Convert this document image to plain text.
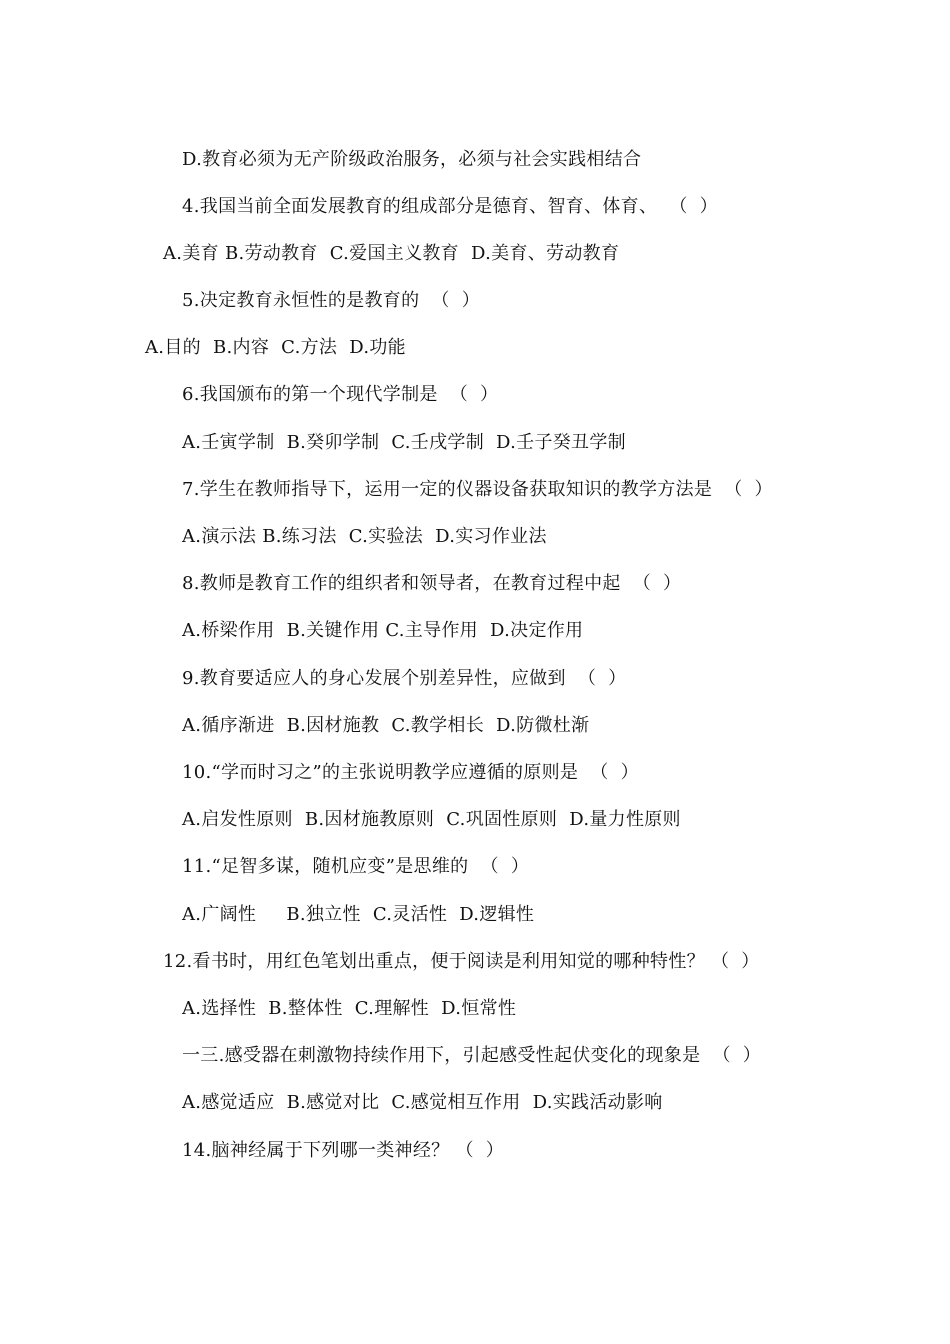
D.教育必须为无产阶级政治服务，必须与社会实践相结合
4.我国当前全面发展教育的组成部分是德育、智育、体育、  （  ）
A.美育 B.劳动教育  C.爱国主义教育  D.美育、劳动教育
5.决定教育永恒性的是教育的  （  ）
A.目的  B.内容  C.方法  D.功能
6.我国颁布的第一个现代学制是  （  ）
A.壬寅学制  B.癸卯学制  C.壬戌学制  D.壬子癸丑学制
7.学生在教师指导下，运用一定的仪器设备获取知识的教学方法是  （  ）
A.演示法 B.练习法  C.实验法  D.实习作业法
8.教师是教育工作的组织者和领导者，在教育过程中起  （  ）
A.桥梁作用  B.关键作用 C.主导作用  D.决定作用
9.教育要适应人的身心发展个别差异性，应做到  （  ）
A.循序渐进  B.因材施教  C.教学相长  D.防微杜渐
10.“学而时习之”的主张说明教学应遵循的原则是  （  ）
A.启发性原则  B.因材施教原则  C.巩固性原则  D.量力性原则
11.“足智多谋，随机应变”是思维的  （  ）
A.广阔性     B.独立性  C.灵活性  D.逻辑性
12.看书时，用红色笔划出重点，便于阅读是利用知觉的哪种特性？ （  ）
A.选择性  B.整体性  C.理解性  D.恒常性
一三.感受器在刺激物持续作用下，引起感受性起伏变化的现象是  （  ）
A.感觉适应  B.感觉对比  C.感觉相互作用  D.实践活动影响
14.脑神经属于下列哪一类神经？ （  ）
